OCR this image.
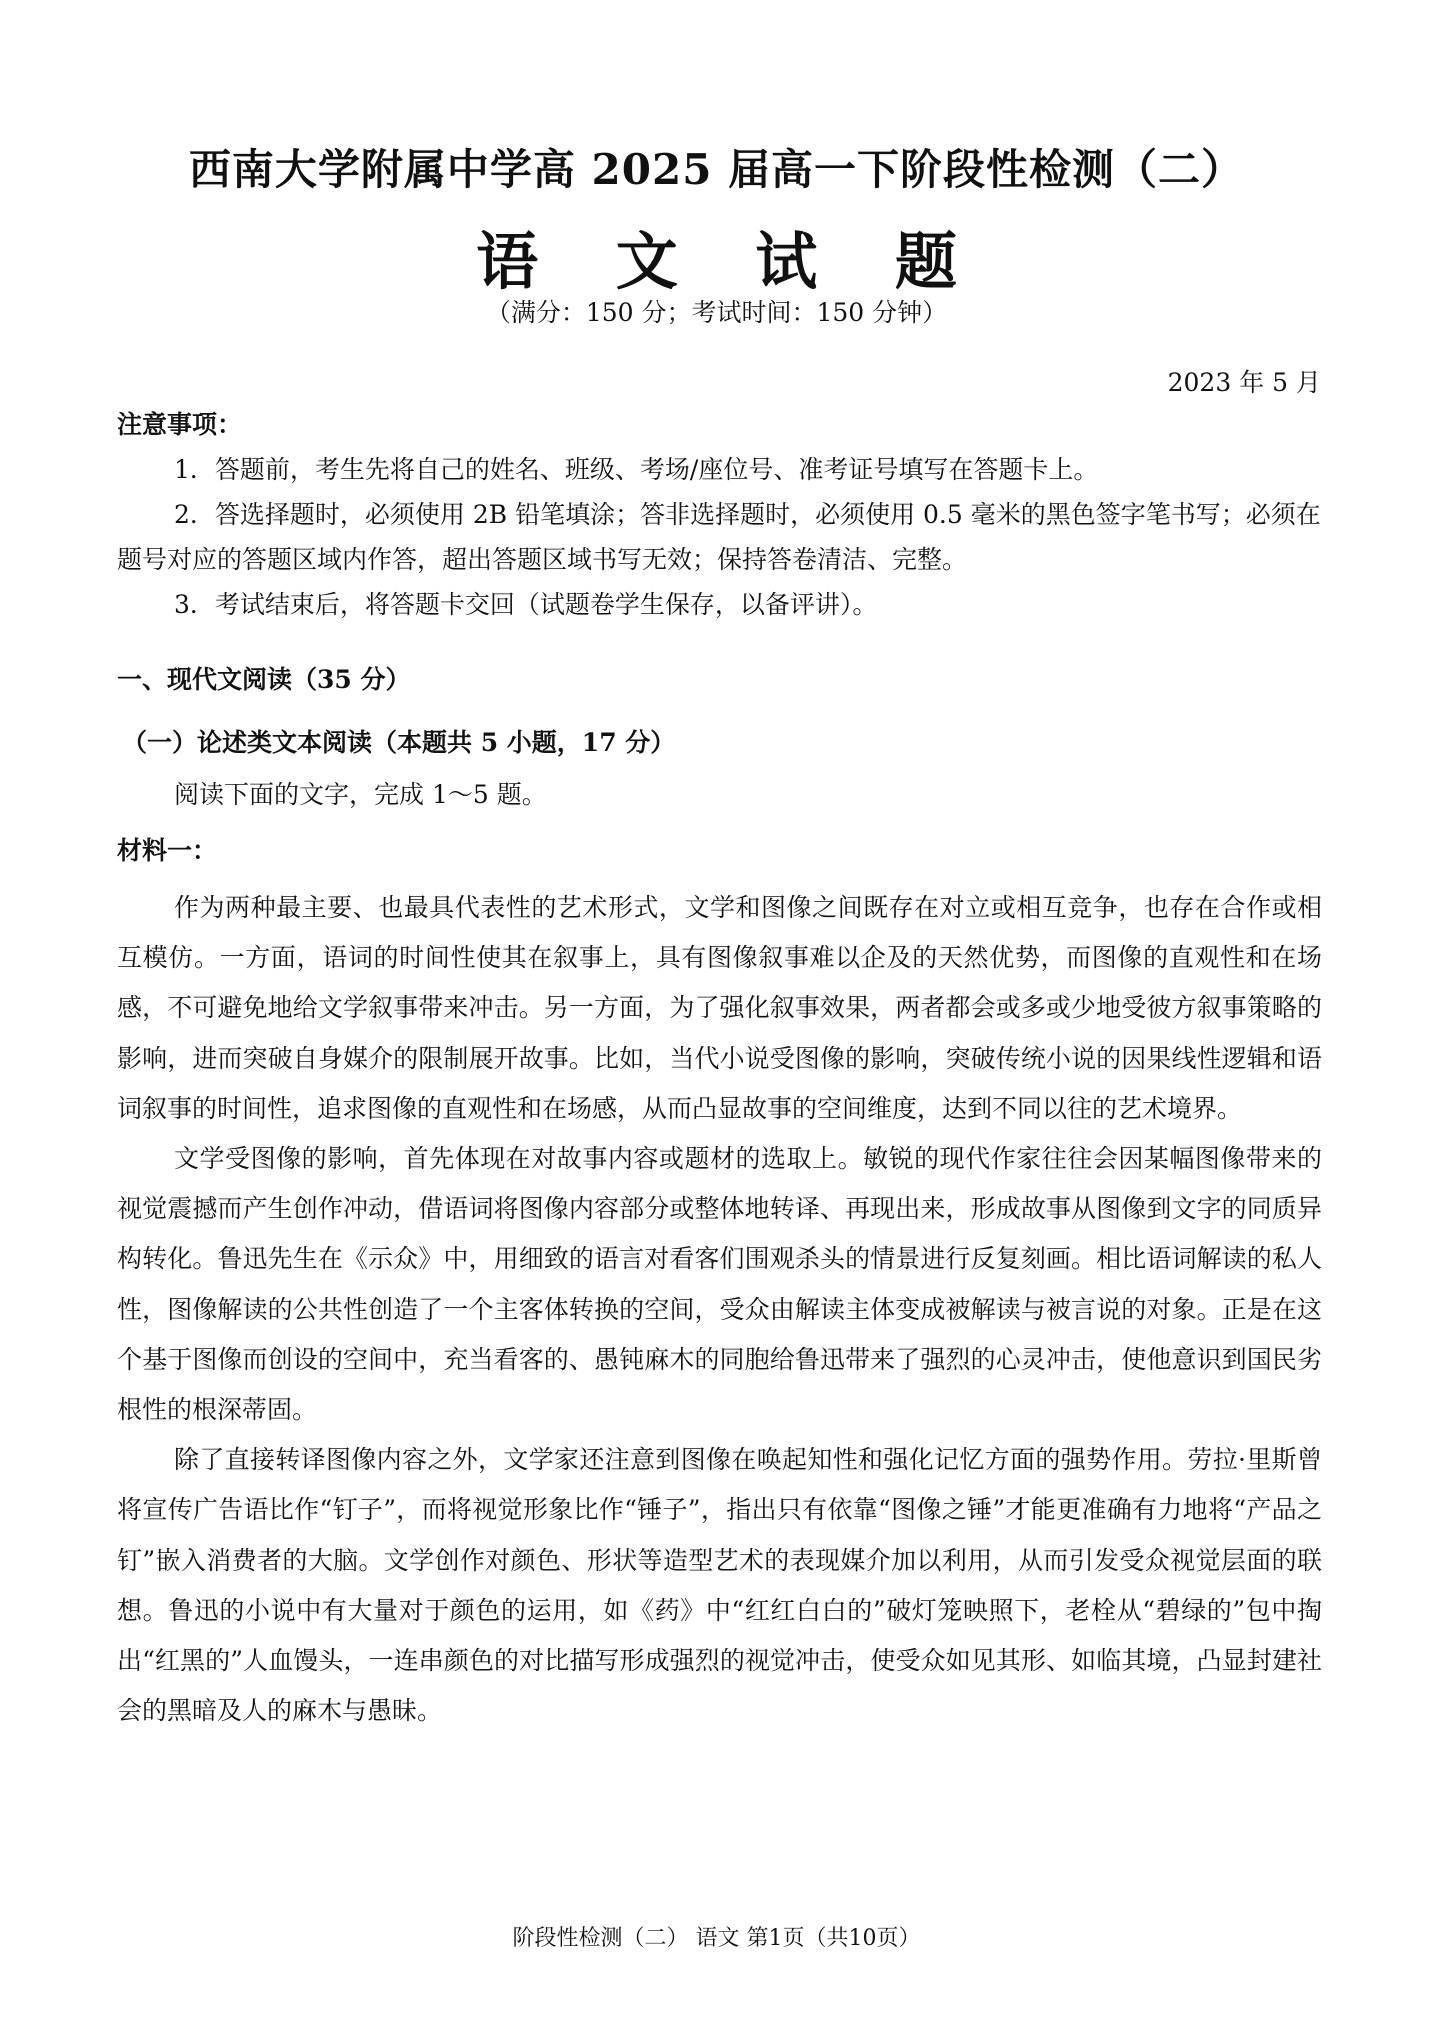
西南大学附属中学高 2025 届高一下阶段性检测（二）
语 文 试 题
（满分：150 分；考试时间：150 分钟）
2023 年 5 月
注意事项：

1．答题前，考生先将自己的姓名、班级、考场/座位号、准考证号填写在答题卡上。

2．答选择题时，必须使用 2B 铅笔填涂；答非选择题时，必须使用 0.5 毫米的黑色签字笔书写；必须在题号对应的答题区域内作答，超出答题区域书写无效；保持答卷清洁、完整。

3．考试结束后，将答题卡交回（试题卷学生保存，以备评讲）。

一、现代文阅读（35 分）
（一）论述类文本阅读（本题共 5 小题，17 分）
阅读下面的文字，完成 1～5 题。
材料一：

作为两种最主要、也最具代表性的艺术形式，文学和图像之间既存在对立或相互竞争，也存在合作或相互模仿。一方面，语词的时间性使其在叙事上，具有图像叙事难以企及的天然优势，而图像的直观性和在场感，不可避免地给文学叙事带来冲击。另一方面，为了强化叙事效果，两者都会或多或少地受彼方叙事策略的影响，进而突破自身媒介的限制展开故事。比如，当代小说受图像的影响，突破传统小说的因果线性逻辑和语词叙事的时间性，追求图像的直观性和在场感，从而凸显故事的空间维度，达到不同以往的艺术境界。

文学受图像的影响，首先体现在对故事内容或题材的选取上。敏锐的现代作家往往会因某幅图像带来的视觉震撼而产生创作冲动，借语词将图像内容部分或整体地转译、再现出来，形成故事从图像到文字的同质异构转化。鲁迅先生在《示众》中，用细致的语言对看客们围观杀头的情景进行反复刻画。相比语词解读的私人性，图像解读的公共性创造了一个主客体转换的空间，受众由解读主体变成被解读与被言说的对象。正是在这个基于图像而创设的空间中，充当看客的、愚钝麻木的同胞给鲁迅带来了强烈的心灵冲击，使他意识到国民劣根性的根深蒂固。

除了直接转译图像内容之外，文学家还注意到图像在唤起知性和强化记忆方面的强势作用。劳拉·里斯曾将宣传广告语比作“钉子”，而将视觉形象比作“锤子”，指出只有依靠“图像之锤”才能更准确有力地将“产品之钉”嵌入消费者的大脑。文学创作对颜色、形状等造型艺术的表现媒介加以利用，从而引发受众视觉层面的联想。鲁迅的小说中有大量对于颜色的运用，如《药》中“红红白白的”破灯笼映照下，老栓从“碧绿的”包中掏出“红黑的”人血馒头，一连串颜色的对比描写形成强烈的视觉冲击，使受众如见其形、如临其境，凸显封建社会的黑暗及人的麻木与愚昧。

阶段性检测（二） 语文 第1页（共10页）
